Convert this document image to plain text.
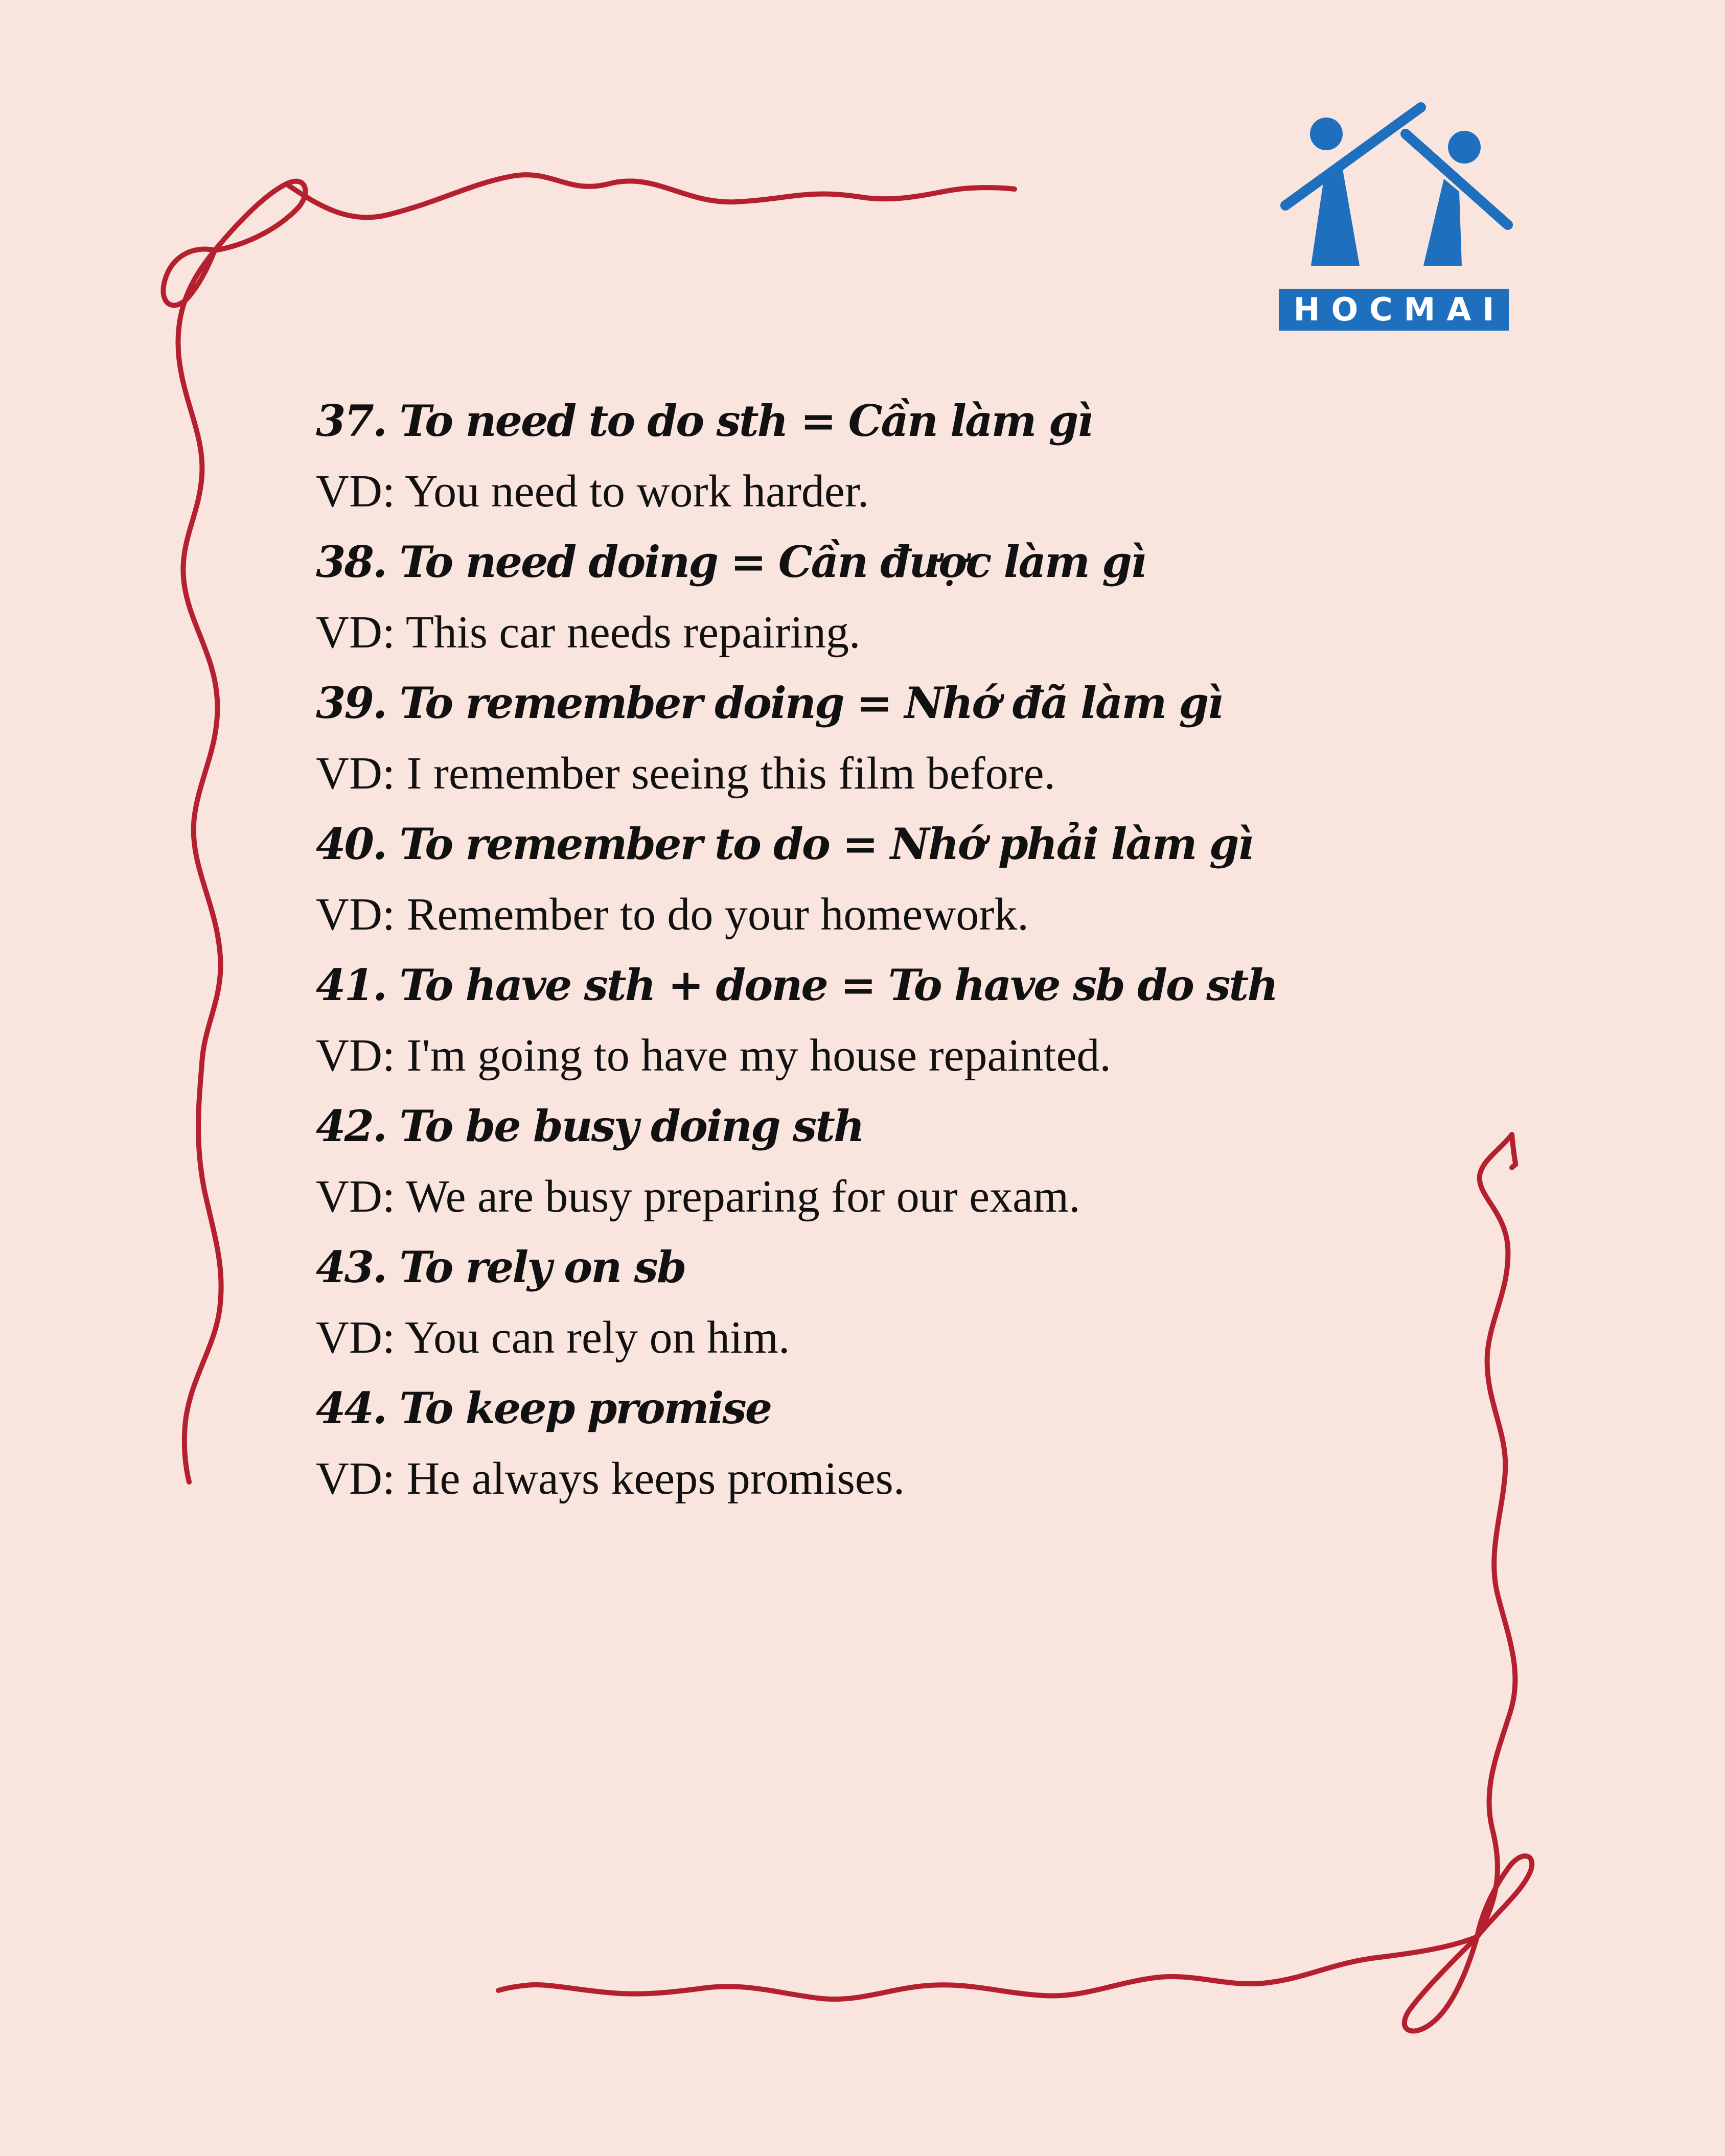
HOCMAI
37. To need to do sth = Cần làm gì
VD: You need to work harder.
38. To need doing = Cần được làm gì
VD: This car needs repairing.
39. To remember doing = Nhớ đã làm gì
VD: I remember seeing this film before.
40. To remember to do = Nhớ phải làm gì
VD: Remember to do your homework.
41. To have sth + done = To have sb do sth
VD: I'm going to have my house repainted.
42. To be busy doing sth
VD: We are busy preparing for our exam.
43. To rely on sb
VD: You can rely on him.
44. To keep promise
VD: He always keeps promises.
